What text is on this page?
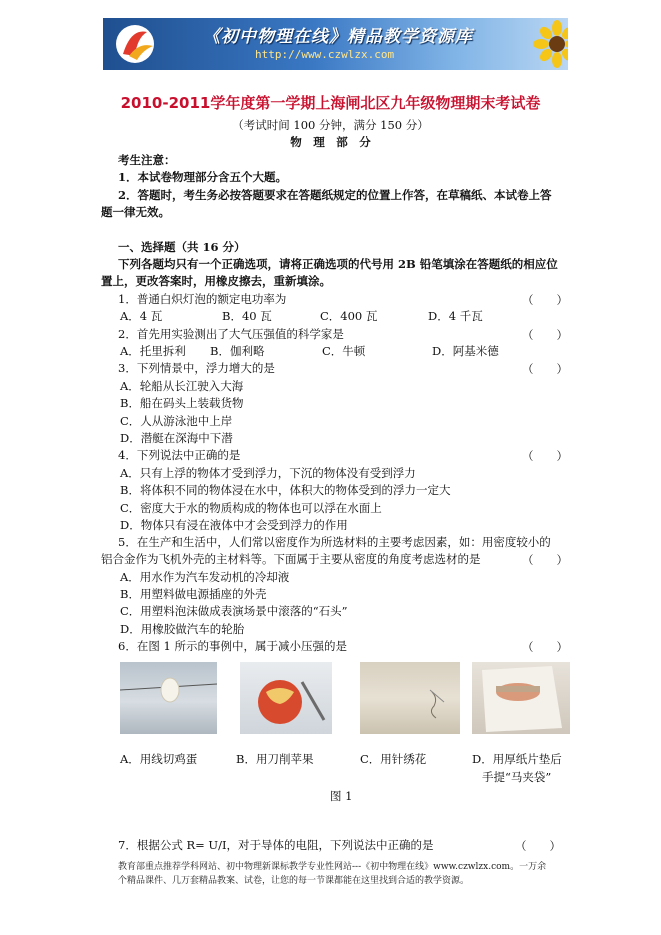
《初中物理在线》精品教学资源库
http://www.czwlzx.com
2010-2011学年度第一学期上海闸北区九年级物理期末考试卷
（考试时间 100 分钟，满分 150 分）
物　理　部　分
考生注意：
1．本试卷物理部分含五个大题。
2．答题时，考生务必按答题要求在答题纸规定的位置上作答，在草稿纸、本试卷上答
题一律无效。
一、选择题（共 16 分）
下列各题均只有一个正确选项，请将正确选项的代号用 2B 铅笔填涂在答题纸的相应位
置上，更改答案时，用橡皮擦去，重新填涂。
1．普通白炽灯泡的额定电功率为	（　　）
A．4 瓦	B．40 瓦	C．400 瓦	D．4 千瓦
2．首先用实验测出了大气压强值的科学家是	（　　）
A．托里拆利 B．伽利略	C．牛顿	D．阿基米德
3．下列情景中，浮力增大的是	（　　）
A．轮船从长江驶入大海
B．船在码头上装载货物
C．人从游泳池中上岸
D．潜艇在深海中下潜
4．下列说法中正确的是	（　　）
A．只有上浮的物体才受到浮力，下沉的物体没有受到浮力
B．将体积不同的物体浸在水中，体积大的物体受到的浮力一定大
C．密度大于水的物质构成的物体也可以浮在水面上
D．物体只有浸在液体中才会受到浮力的作用
5．在生产和生活中，人们常以密度作为所选材料的主要考虑因素，如：用密度较小的
铝合金作为飞机外壳的主材料等。下面属于主要从密度的角度考虑选材的是	（　　）
A．用水作为汽车发动机的冷却液
B．用塑料做电源插座的外壳
C．用塑料泡沫做成表演场景中滚落的“石头”
D．用橡胶做汽车的轮胎
6．在图 1 所示的事例中，属于减小压强的是	（　　）
A．用线切鸡蛋	B．用刀削苹果	C．用针绣花	D．用厚纸片垫后
手提“马夹袋”
图 1
7．根据公式 R= U/I，对于导体的电阻，下列说法中正确的是	（　　）
教育部重点推荐学科网站、初中物理新课标教学专业性网站---《初中物理在线》www.czwlzx.com。一万余
个精品课件、几万套精品教案、试卷，让您的每一节课都能在这里找到合适的教学资源。
